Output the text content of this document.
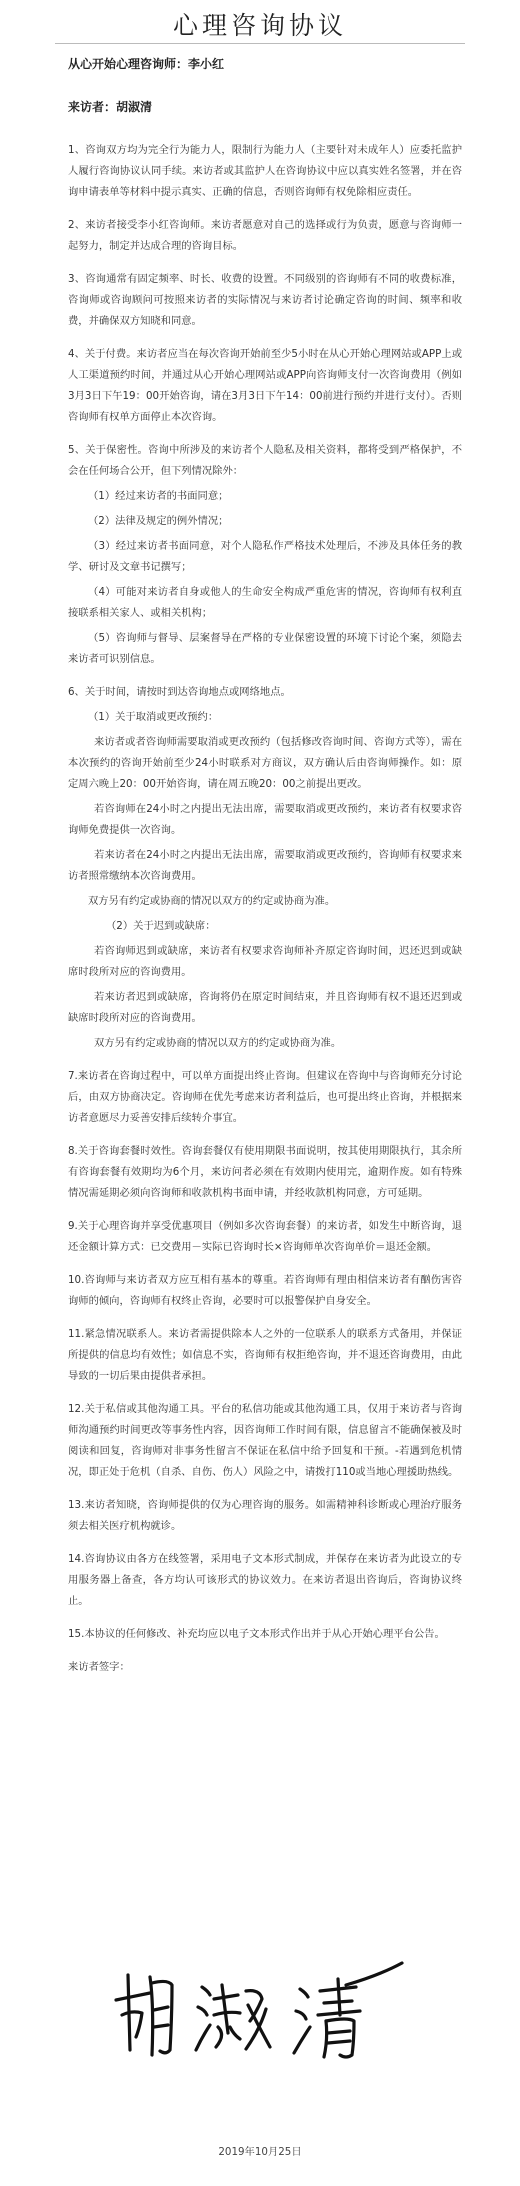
心理咨询协议

从心开始心理咨询师：李小红

来访者：胡淑清

1、咨询双方均为完全行为能力人，限制行为能力人（主要针对未成年人）应委托监护人履行咨询协议认同手续。来访者或其监护人在咨询协议中应以真实姓名签署，并在咨询申请表单等材料中提示真实、正确的信息，否则咨询师有权免除相应责任。

2、来访者接受李小红咨询师。来访者愿意对自己的选择或行为负责，愿意与咨询师一起努力，制定并达成合理的咨询目标。

3、咨询通常有固定频率、时长、收费的设置。不同级别的咨询师有不同的收费标准，咨询师或咨询顾问可按照来访者的实际情况与来访者讨论确定咨询的时间、频率和收费，并确保双方知晓和同意。

4、关于付费。来访者应当在每次咨询开始前至少5小时在从心开始心理网站或APP上或人工渠道预约时间，并通过从心开始心理网站或APP向咨询师支付一次咨询费用（例如3月3日下午19：00开始咨询，请在3月3日下午14：00前进行预约并进行支付）。否则咨询师有权单方面停止本次咨询。

5、关于保密性。咨询中所涉及的来访者个人隐私及相关资料，都将受到严格保护，不会在任何场合公开，但下列情况除外：

（1）经过来访者的书面同意；

（2）法律及规定的例外情况；

（3）经过来访者书面同意，对个人隐私作严格技术处理后，不涉及具体任务的教学、研讨及文章书记撰写；

（4）可能对来访者自身或他人的生命安全构成严重危害的情况，咨询师有权利直接联系相关家人、或相关机构；

（5）咨询师与督导、层案督导在严格的专业保密设置的环境下讨论个案，须隐去来访者可识别信息。

6、关于时间，请按时到达咨询地点或网络地点。

（1）关于取消或更改预约：

来访者或者咨询师需要取消或更改预约（包括修改咨询时间、咨询方式等），需在本次预约的咨询开始前至少24小时联系对方商议，双方确认后由咨询师操作。如：原定周六晚上20：00开始咨询，请在周五晚20：00之前提出更改。

若咨询师在24小时之内提出无法出席，需要取消或更改预约，来访者有权要求咨询师免费提供一次咨询。

若来访者在24小时之内提出无法出席，需要取消或更改预约，咨询师有权要求来访者照常缴纳本次咨询费用。

双方另有约定或协商的情况以双方的约定或协商为准。

（2）关于迟到或缺席：

若咨询师迟到或缺席，来访者有权要求咨询师补齐原定咨询时间，迟还迟到或缺席时段所对应的咨询费用。

若来访者迟到或缺席，咨询将仍在原定时间结束，并且咨询师有权不退还迟到或缺席时段所对应的咨询费用。

双方另有约定或协商的情况以双方的约定或协商为准。

7.来访者在咨询过程中，可以单方面提出终止咨询。但建议在咨询中与咨询师充分讨论后，由双方协商决定。咨询师在优先考虑来访者利益后，也可提出终止咨询，并根据来访者意愿尽力妥善安排后续转介事宜。

8.关于咨询套餐时效性。咨询套餐仅有使用期限书面说明，按其使用期限执行，其余所有咨询套餐有效期均为6个月，来访问者必须在有效期内使用完，逾期作废。如有特殊情况需延期必须向咨询师和收款机构书面申请，并经收款机构同意，方可延期。

9.关于心理咨询并享受优惠项目（例如多次咨询套餐）的来访者，如发生中断咨询，退还金额计算方式：已交费用－实际已咨询时长×咨询师单次咨询单价＝退还金额。

10.咨询师与来访者双方应互相有基本的尊重。若咨询师有理由相信来访者有酗伤害咨询师的倾向，咨询师有权终止咨询，必要时可以报警保护自身安全。

11.紧急情况联系人。来访者需提供除本人之外的一位联系人的联系方式备用，并保证所提供的信息均有效性；如信息不实，咨询师有权拒绝咨询，并不退还咨询费用，由此导致的一切后果由提供者承担。

12.关于私信或其他沟通工具。平台的私信功能或其他沟通工具，仅用于来访者与咨询师沟通预约时间更改等事务性内容，因咨询师工作时间有限，信息留言不能确保被及时阅读和回复，咨询师对非事务性留言不保证在私信中给予回复和干预。-若遇到危机情况，即正处于危机（自杀、自伤、伤人）风险之中，请拨打110或当地心理援助热线。

13.来访者知晓，咨询师提供的仅为心理咨询的服务。如需精神科诊断或心理治疗服务须去相关医疗机构就诊。

14.咨询协议由各方在线签署，采用电子文本形式制成，并保存在来访者为此设立的专用服务器上备查，各方均认可该形式的协议效力。在来访者退出咨询后，咨询协议终止。

15.本协议的任何修改、补充均应以电子文本形式作出并于从心开始心理平台公告。

来访者签字：

2019年10月25日
